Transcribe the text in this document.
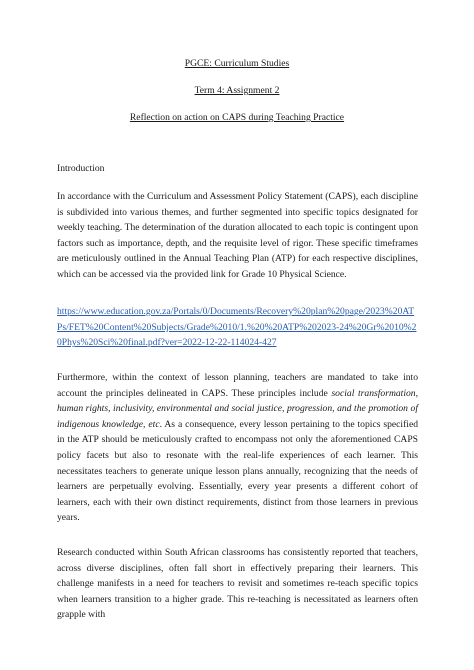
PGCE: Curriculum Studies
Term 4: Assignment 2
Reflection on action on CAPS during Teaching Practice
Introduction

In accordance with the Curriculum and Assessment Policy Statement (CAPS), each discipline is subdivided into various themes, and further segmented into specific topics designated for weekly teaching. The determination of the duration allocated to each topic is contingent upon factors such as importance, depth, and the requisite level of rigor. These specific timeframes are meticulously outlined in the Annual Teaching Plan (ATP) for each respective disciplines, which can be accessed via the provided link for Grade 10 Physical Science.

https://www.education.gov.za/Portals/0/Documents/Recovery%20plan%20page/2023%20ATPs/FET%20Content%20Subjects/Grade%2010/1.%20%20ATP%202023-24%20Gr%2010%20Phys%20Sci%20final.pdf?ver=2022-12-22-114024-427

Furthermore, within the context of lesson planning, teachers are mandated to take into account the principles delineated in CAPS. These principles include social transformation, human rights, inclusivity, environmental and social justice, progression, and the promotion of indigenous knowledge, etc. As a consequence, every lesson pertaining to the topics specified in the ATP should be meticulously crafted to encompass not only the aforementioned CAPS policy facets but also to resonate with the real-life experiences of each learner. This necessitates teachers to generate unique lesson plans annually, recognizing that the needs of learners are perpetually evolving. Essentially, every year presents a different cohort of learners, each with their own distinct requirements, distinct from those learners in previous years.

Research conducted within South African classrooms has consistently reported that teachers, across diverse disciplines, often fall short in effectively preparing their learners. This challenge manifests in a need for teachers to revisit and sometimes re-teach specific topics when learners transition to a higher grade. This re-teaching is necessitated as learners often grapple with
